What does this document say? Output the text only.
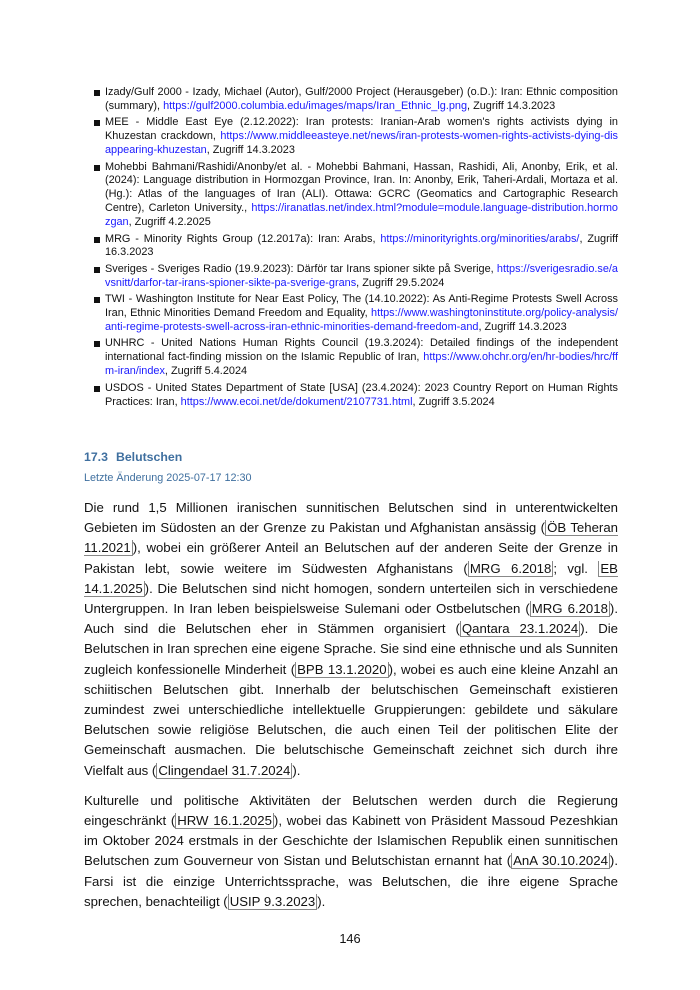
Izady/Gulf 2000 - Izady, Michael (Autor), Gulf/2000 Project (Herausgeber) (o.D.): Iran: Ethnic composition (summary), https://gulf2000.columbia.edu/images/maps/Iran_Ethnic_lg.png, Zugriff 14.3.2023
MEE - Middle East Eye (2.12.2022): Iran protests: Iranian-Arab women's rights activists dying in Khuzestan crackdown, https://www.middleeasteye.net/news/iran-protests-women-rights-activists-dying-disappearing-khuzestan, Zugriff 14.3.2023
Mohebbi Bahmani/Rashidi/Anonby/et al. - Mohebbi Bahmani, Hassan, Rashidi, Ali, Anonby, Erik, et al. (2024): Language distribution in Hormozgan Province, Iran. In: Anonby, Erik, Taheri-Ardali, Mortaza et al. (Hg.): Atlas of the languages of Iran (ALI). Ottawa: GCRC (Geomatics and Cartographic Research Centre), Carleton University., https://iranatlas.net/index.html?module=module.language-distribution.hormozgan, Zugriff 4.2.2025
MRG - Minority Rights Group (12.2017a): Iran: Arabs, https://minorityrights.org/minorities/arabs/, Zugriff 16.3.2023
Sveriges - Sveriges Radio (19.9.2023): Därför tar Irans spioner sikte på Sverige, https://sverigesradio.se/avsnitt/darfor-tar-irans-spioner-sikte-pa-sverige-grans, Zugriff 29.5.2024
TWI - Washington Institute for Near East Policy, The (14.10.2022): As Anti-Regime Protests Swell Across Iran, Ethnic Minorities Demand Freedom and Equality, https://www.washingtoninstitute.org/policy-analysis/anti-regime-protests-swell-across-iran-ethnic-minorities-demand-freedom-and, Zugriff 14.3.2023
UNHRC - United Nations Human Rights Council (19.3.2024): Detailed findings of the independent international fact-finding mission on the Islamic Republic of Iran, https://www.ohchr.org/en/hr-bodies/hrc/ffm-iran/index, Zugriff 5.4.2024
USDOS - United States Department of State [USA] (23.4.2024): 2023 Country Report on Human Rights Practices: Iran, https://www.ecoi.net/de/dokument/2107731.html, Zugriff 3.5.2024
17.3 Belutschen
Letzte Änderung 2025-07-17 12:30

Die rund 1,5 Millionen iranischen sunnitischen Belutschen sind in unterentwickelten Gebieten im Südosten an der Grenze zu Pakistan und Afghanistan ansässig ( ÖB Teheran 11.2021 ), wobei ein größerer Anteil an Belutschen auf der anderen Seite der Grenze in Pakistan lebt, sowie weitere im Südwesten Afghanistans ( MRG 6.2018 ; vgl. EB 14.1.2025 ). Die Belutschen sind nicht homogen, sondern unterteilen sich in verschiedene Untergruppen. In Iran leben beispielsweise Sulemani oder Ostbelutschen ( MRG 6.2018 ). Auch sind die Belutschen eher in Stämmen organisiert ( Qantara 23.1.2024 ). Die Belutschen in Iran sprechen eine eigene Sprache. Sie sind eine ethnische und als Sunniten zugleich konfessionelle Minderheit ( BPB 13.1.2020 ), wobei es auch eine kleine Anzahl an schiitischen Belutschen gibt. Innerhalb der belutschischen Gemeinschaft existieren zumindest zwei unterschiedliche intellektuelle Gruppierungen: gebildete und säkulare Belutschen sowie religiöse Belutschen, die auch einen Teil der politischen Elite der Gemeinschaft ausmachen. Die belutschische Gemeinschaft zeichnet sich durch ihre Vielfalt aus ( Clingendael 31.7.2024 ).

Kulturelle und politische Aktivitäten der Belutschen werden durch die Regierung eingeschränkt ( HRW 16.1.2025 ), wobei das Kabinett von Präsident Massoud Pezeshkian im Oktober 2024 erstmals in der Geschichte der Islamischen Republik einen sunnitischen Belutschen zum Gouverneur von Sistan und Belutschistan ernannt hat ( AnA 30.10.2024 ). Farsi ist die einzige Unterrichtssprache, was Belutschen, die ihre eigene Sprache sprechen, benachteiligt ( USIP 9.3.2023 ).

146
